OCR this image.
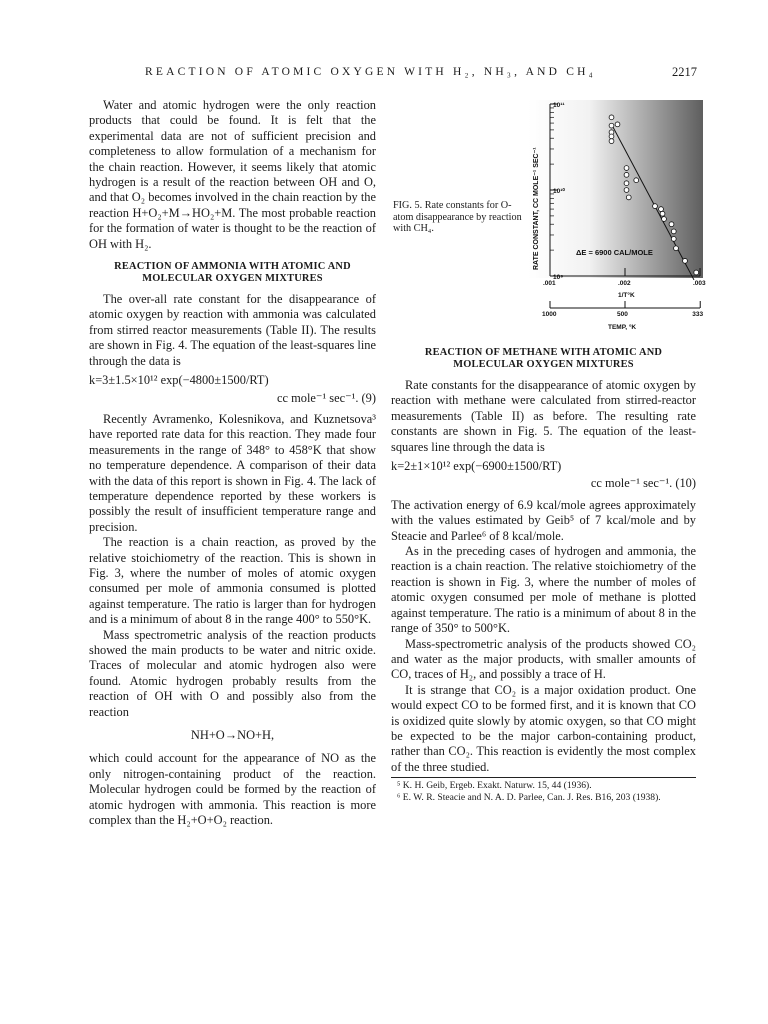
REACTION OF ATOMIC OXYGEN WITH H₂, NH₃, AND CH₄	2217

Water and atomic hydrogen were the only reaction products that could be found. It is felt that the experimental data are not of sufficient precision and completeness to allow formulation of a mechanism for the chain reaction. However, it seems likely that atomic hydrogen is a result of the reaction between OH and O, and that O₂ becomes involved in the chain reaction by the reaction H+O₂+M→HO₂+M. The most probable reaction for the formation of water is thought to be the reaction of OH with H₂.

REACTION OF AMMONIA WITH ATOMIC AND MOLECULAR OXYGEN MIXTURES

The over-all rate constant for the disappearance of atomic oxygen by reaction with ammonia was calculated from stirred reactor measurements (Table II). The results are shown in Fig. 4. The equation of the least-squares line through the data is

k=3±1.5×10¹² exp(−4800±1500/RT)
cc mole⁻¹ sec⁻¹. (9)

Recently Avramenko, Kolesnikova, and Kuznetsova³ have reported rate data for this reaction. They made four measurements in the range of 348° to 458°K that show no temperature dependence. A comparison of their data with the data of this report is shown in Fig. 4. The lack of temperature dependence reported by these workers is possibly the result of insufficient temperature range and precision.

The reaction is a chain reaction, as proved by the relative stoichiometry of the reaction. This is shown in Fig. 3, where the number of moles of atomic oxygen consumed per mole of ammonia consumed is plotted against temperature. The ratio is larger than for hydrogen and is a minimum of about 8 in the range 400° to 550°K.

Mass spectrometric analysis of the reaction products showed the main products to be water and nitric oxide. Traces of molecular and atomic hydrogen also were found. Atomic hydrogen probably results from the reaction of OH with O and possibly also from the reaction

NH+O→NO+H,

which could account for the appearance of NO as the only nitrogen-containing product of the reaction. Molecular hydrogen could be formed by the reaction of atomic hydrogen with ammonia. This reaction is more complex than the H₂+O+O₂ reaction.

FIG. 5. Rate constants for O-atom disappearance by reaction with CH₄.
10¹¹
10¹⁰
10⁹
.001	.002	.003
1000	500	333
RATE CONSTANT, CC MOLE⁻¹ SEC⁻¹	ΔE = 6900 CAL/MOLE
1/T°K
TEMP, °K
REACTION OF METHANE WITH ATOMIC AND MOLECULAR OXYGEN MIXTURES

Rate constants for the disappearance of atomic oxygen by reaction with methane were calculated from stirred-reactor measurements (Table II) as before. The resulting rate constants are shown in Fig. 5. The equation of the least-squares line through the data is

k=2±1×10¹² exp(−6900±1500/RT)
cc mole⁻¹ sec⁻¹. (10)

The activation energy of 6.9 kcal/mole agrees approximately with the values estimated by Geib⁵ of 7 kcal/mole and by Steacie and Parlee⁶ of 8 kcal/mole.

As in the preceding cases of hydrogen and ammonia, the reaction is a chain reaction. The relative stoichiometry of the reaction is shown in Fig. 3, where the number of moles of atomic oxygen consumed per mole of methane is plotted against temperature. The ratio is a minimum of about 8 in the range of 350° to 500°K.

Mass-spectrometric analysis of the products showed CO₂ and water as the major products, with smaller amounts of CO, traces of H₂, and possibly a trace of H.

It is strange that CO₂ is a major oxidation product. One would expect CO to be formed first, and it is known that CO is oxidized quite slowly by atomic oxygen, so that CO might be expected to be the major carbon-containing product, rather than CO₂. This reaction is evidently the most complex of the three studied.

⁵ K. H. Geib, Ergeb. Exakt. Naturw. 15, 44 (1936).
⁶ E. W. R. Steacie and N. A. D. Parlee, Can. J. Res. B16, 203 (1938).
